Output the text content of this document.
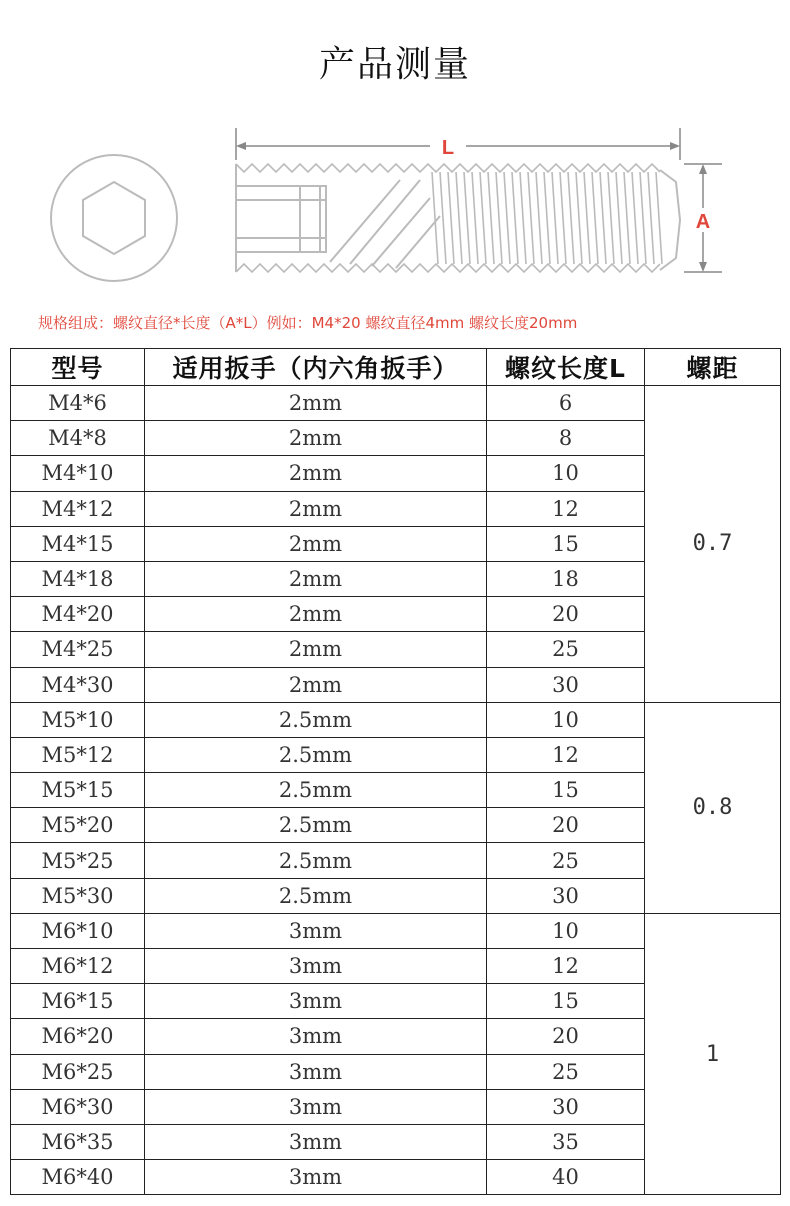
产品测量
L
A
规格组成：螺纹直径*长度（A*L）例如：M4*20 螺纹直径4mm 螺纹长度20mm
型号	适用扳手（内六角扳手）	螺纹长度L	螺距
M4*6	2mm	6	0.7
M4*8	2mm	8	
M4*10	2mm	10	
M4*12	2mm	12	
M4*15	2mm	15	
M4*18	2mm	18	
M4*20	2mm	20	
M4*25	2mm	25	
M4*30	2mm	30	
M5*10	2.5mm	10	0.8
M5*12	2.5mm	12	
M5*15	2.5mm	15	
M5*20	2.5mm	20	
M5*25	2.5mm	25	
M5*30	2.5mm	30	
M6*10	3mm	10	1
M6*12	3mm	12	
M6*15	3mm	15	
M6*20	3mm	20	
M6*25	3mm	25	
M6*30	3mm	30	
M6*35	3mm	35	
M6*40	3mm	40	
